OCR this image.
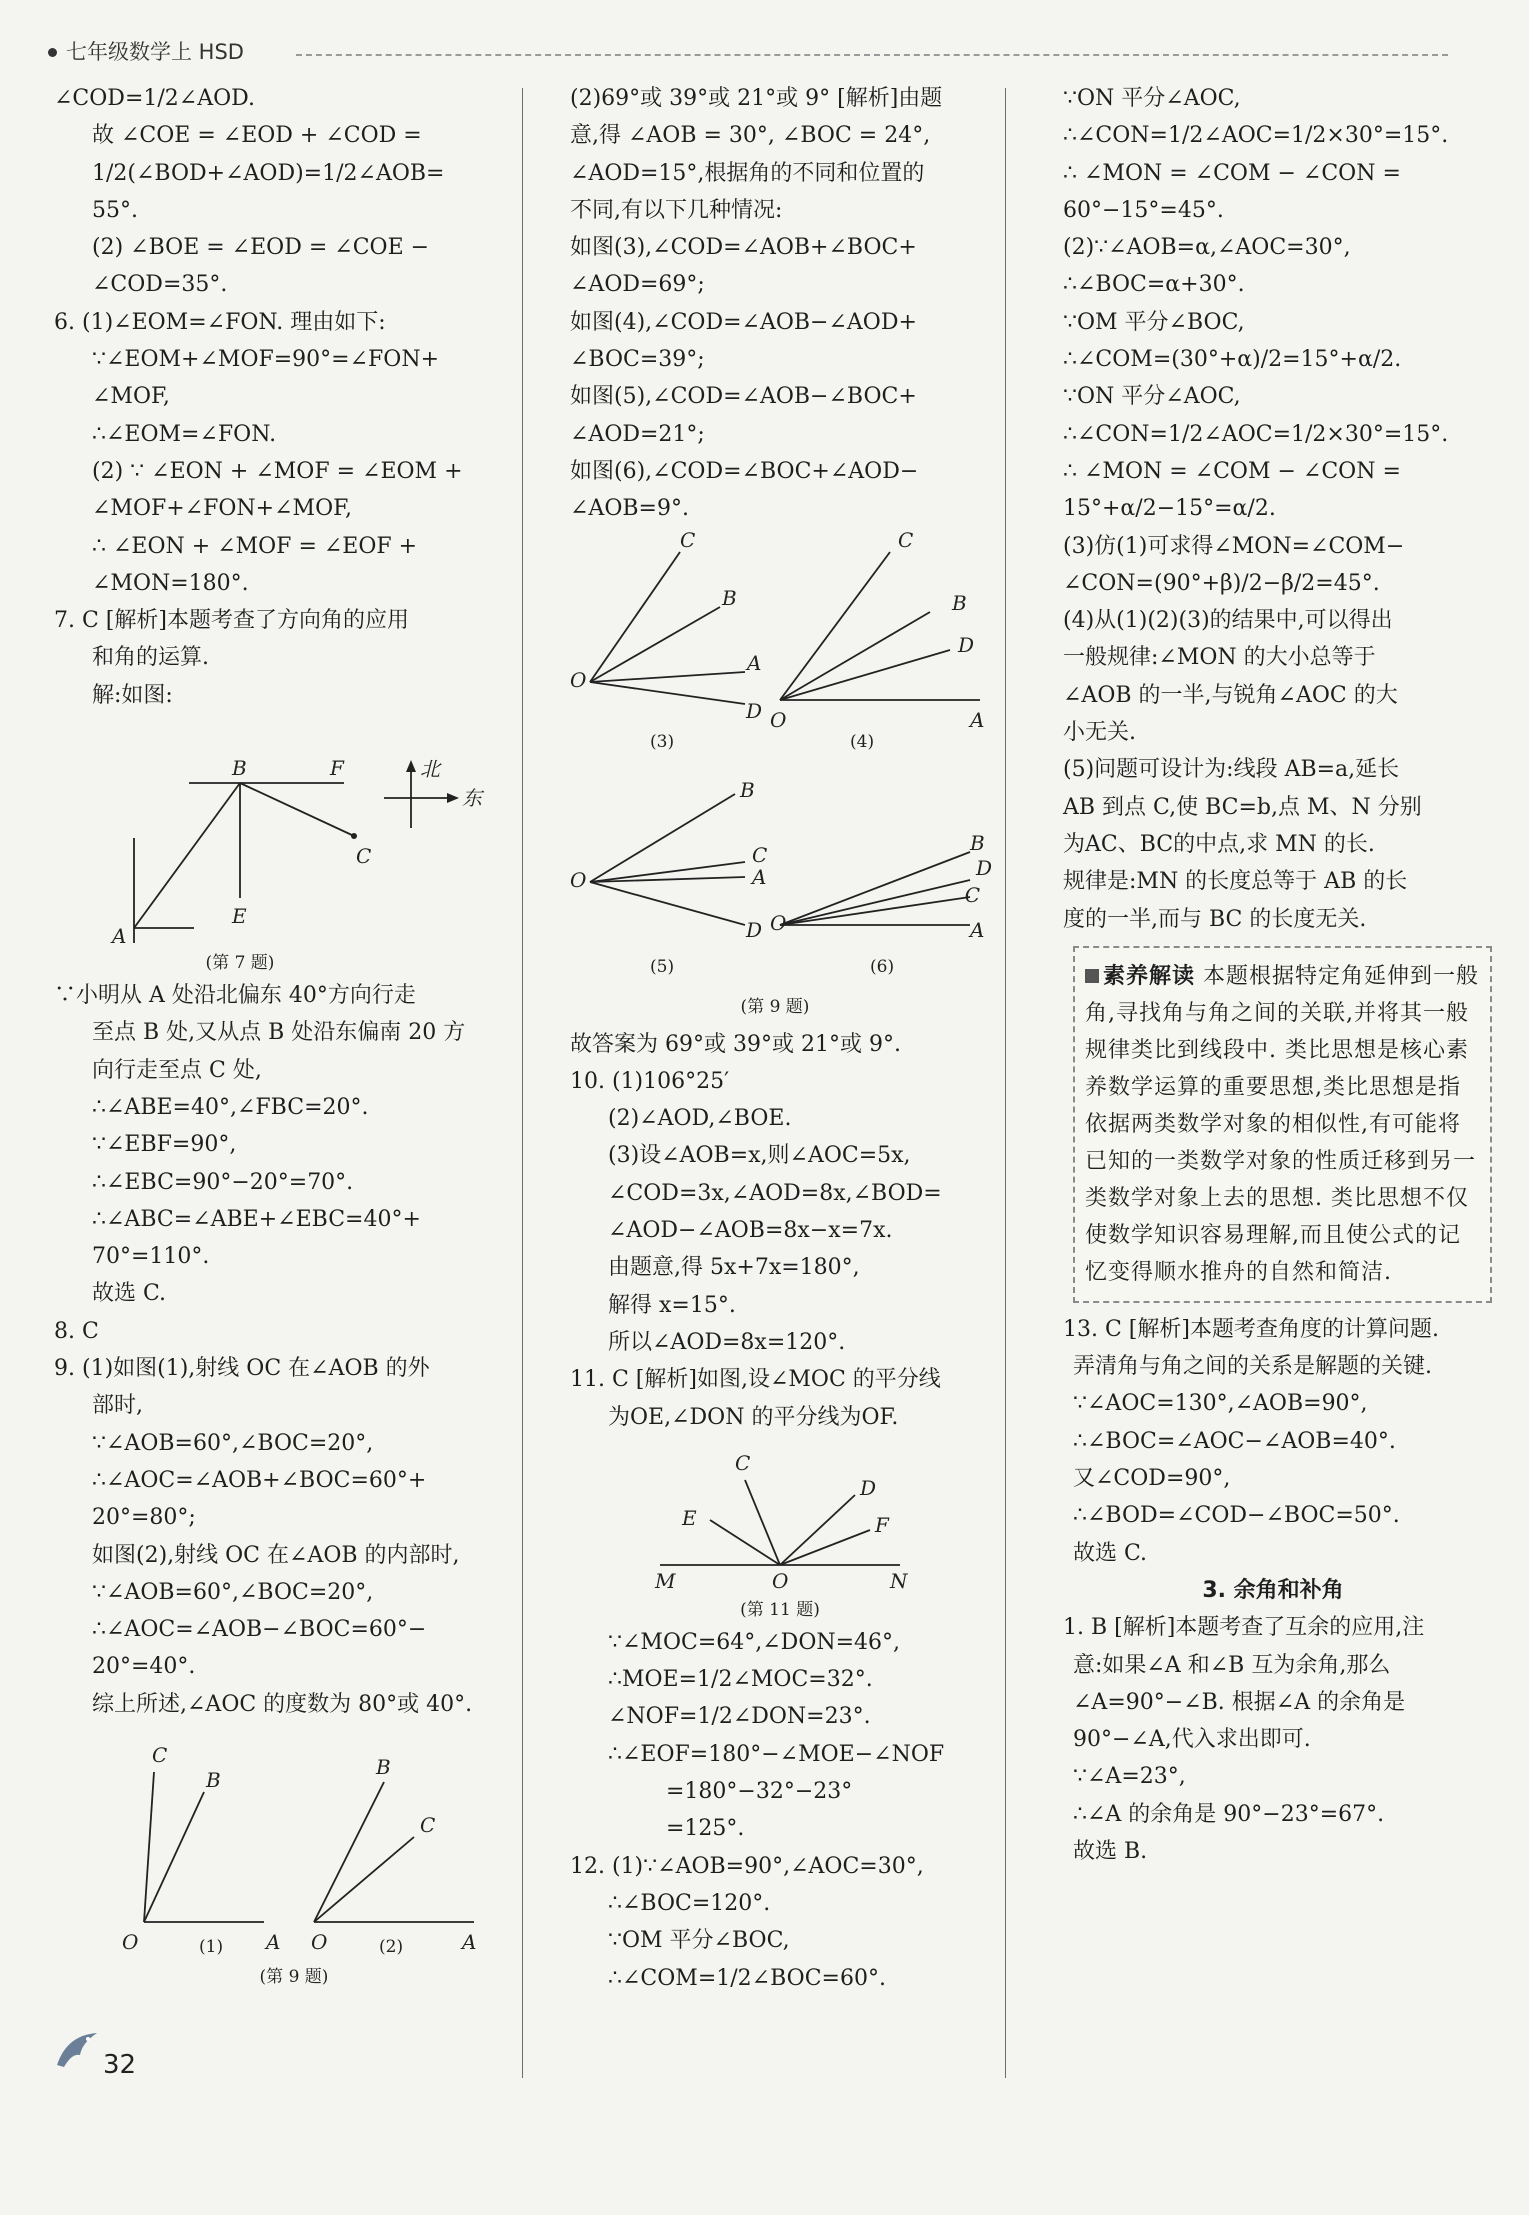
七年级数学上 HSD
∠COD=1/2∠AOD.
故 ∠COE = ∠EOD + ∠COD =
1/2(∠BOD+∠AOD)=1/2∠AOB=
55°.
(2) ∠BOE = ∠EOD = ∠COE −
∠COD=35°.
6. (1)∠EOM=∠FON. 理由如下:
∵∠EOM+∠MOF=90°=∠FON+
∠MOF,
∴∠EOM=∠FON.
(2) ∵ ∠EON + ∠MOF = ∠EOM +
∠MOF+∠FON+∠MOF,
∴ ∠EON + ∠MOF = ∠EOF +
∠MON=180°.
7. C [解析]本题考查了方向角的应用
和角的运算.
解:如图:
A
B	F
C
E
北
东
(第 7 题)
∵小明从 A 处沿北偏东 40°方向行走
至点 B 处,又从点 B 处沿东偏南 20 方
向行走至点 C 处,
∴∠ABE=40°,∠FBC=20°.
∵∠EBF=90°,
∴∠EBC=90°−20°=70°.
∴∠ABC=∠ABE+∠EBC=40°+
70°=110°.
故选 C.
8. C
9. (1)如图(1),射线 OC 在∠AOB 的外
部时,
∵∠AOB=60°,∠BOC=20°,
∴∠AOC=∠AOB+∠BOC=60°+
20°=80°;
如图(2),射线 OC 在∠AOB 的内部时,
∵∠AOB=60°,∠BOC=20°,
∴∠AOC=∠AOB−∠BOC=60°−
20°=40°.
综上所述,∠AOC 的度数为 80°或 40°.
C
B
O	A
B
C
O	A
(1)	(2)
(第 9 题)
(2)69°或 39°或 21°或 9° [解析]由题
意,得 ∠AOB = 30°, ∠BOC = 24°,
∠AOD=15°,根据角的不同和位置的
不同,有以下几种情况:
如图(3),∠COD=∠AOB+∠BOC+
∠AOD=69°;
如图(4),∠COD=∠AOB−∠AOD+
∠BOC=39°;
如图(5),∠COD=∠AOB−∠BOC+
∠AOD=21°;
如图(6),∠COD=∠BOC+∠AOD−
∠AOB=9°.
C
B
A
D
O
C
B
D
A
O
B
C
A
D
O
B
D
C
A
O
(3)	(4)
(5)	(6)
(第 9 题)
故答案为 69°或 39°或 21°或 9°.
10. (1)106°25′
(2)∠AOD,∠BOE.
(3)设∠AOB=x,则∠AOC=5x,
∠COD=3x,∠AOD=8x,∠BOD=
∠AOD−∠AOB=8x−x=7x.
由题意,得 5x+7x=180°,
解得 x=15°.
所以∠AOD=8x=120°.
11. C [解析]如图,设∠MOC 的平分线
为OE,∠DON 的平分线为OF.
C
E
D
F
M	O	N
(第 11 题)
∵∠MOC=64°,∠DON=46°,
∴MOE=1/2∠MOC=32°.
∠NOF=1/2∠DON=23°.
∴∠EOF=180°−∠MOE−∠NOF
=180°−32°−23°
=125°.
12. (1)∵∠AOB=90°,∠AOC=30°,
∴∠BOC=120°.
∵OM 平分∠BOC,
∴∠COM=1/2∠BOC=60°.
∵ON 平分∠AOC,
∴∠CON=1/2∠AOC=1/2×30°=15°.
∴ ∠MON = ∠COM − ∠CON =
60°−15°=45°.
(2)∵∠AOB=α,∠AOC=30°,
∴∠BOC=α+30°.
∵OM 平分∠BOC,
∴∠COM=(30°+α)/2=15°+α/2.
∵ON 平分∠AOC,
∴∠CON=1/2∠AOC=1/2×30°=15°.
∴ ∠MON = ∠COM − ∠CON =
15°+α/2−15°=α/2.
(3)仿(1)可求得∠MON=∠COM−
∠CON=(90°+β)/2−β/2=45°.
(4)从(1)(2)(3)的结果中,可以得出
一般规律:∠MON 的大小总等于
∠AOB 的一半,与锐角∠AOC 的大
小无关.
(5)问题可设计为:线段 AB=a,延长
AB 到点 C,使 BC=b,点 M、N 分别
为AC、BC的中点,求 MN 的长.
规律是:MN 的长度总等于 AB 的长
度的一半,而与 BC 的长度无关.
素养解读 本题根据特定角延伸到一般角,寻找角与角之间的关联,并将其一般规律类比到线段中. 类比思想是核心素养数学运算的重要思想,类比思想是指依据两类数学对象的相似性,有可能将已知的一类数学对象的性质迁移到另一类数学对象上去的思想. 类比思想不仅使数学知识容易理解,而且使公式的记忆变得顺水推舟的自然和简洁.
13. C [解析]本题考查角度的计算问题.
弄清角与角之间的关系是解题的关键.
∵∠AOC=130°,∠AOB=90°,
∴∠BOC=∠AOC−∠AOB=40°.
又∠COD=90°,
∴∠BOD=∠COD−∠BOC=50°.
故选 C.
3. 余角和补角
1. B [解析]本题考查了互余的应用,注
意:如果∠A 和∠B 互为余角,那么
∠A=90°−∠B. 根据∠A 的余角是
90°−∠A,代入求出即可.
∵∠A=23°,
∴∠A 的余角是 90°−23°=67°.
故选 B.
32
